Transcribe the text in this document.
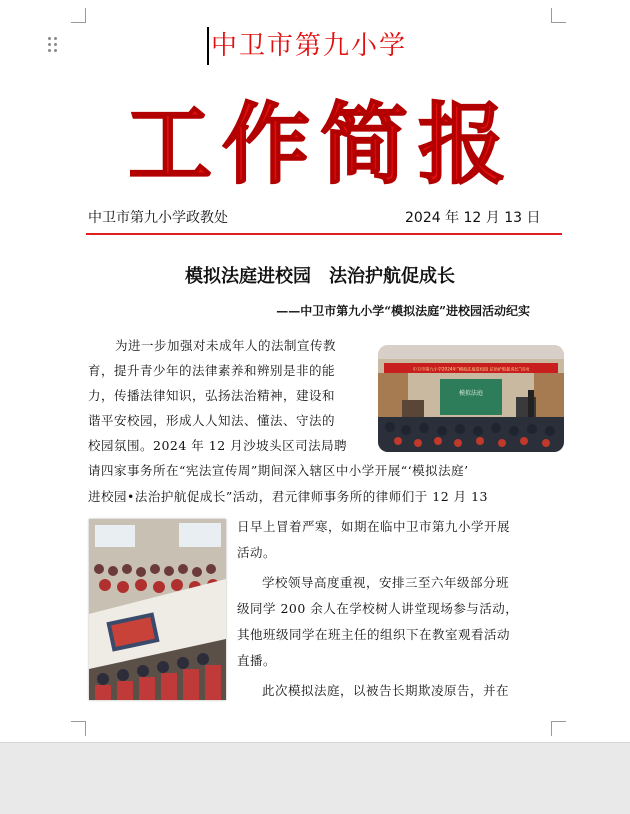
中卫市第九小学
工作简报
中卫市第九小学政教处	2024 年 12 月 13 日
模拟法庭进校园　法治护航促成长
——中卫市第九小学“模拟法庭”进校园活动纪实
中卫市第九小学2024年“模拟法庭进校园 法治护航促成长”活动
模拟法庭
为进一步加强对未成年人的法制宣传教
育，提升青少年的法律素养和辨别是非的能
力，传播法律知识，弘扬法治精神，建设和
谐平安校园，形成人人知法、懂法、守法的
校园氛围。2024 年 12 月沙坡头区司法局聘
请四家事务所在“宪法宣传周”期间深入辖区中小学开展“‘模拟法庭’
进校园•法治护航促成长”活动，君元律师事务所的律师们于 12 月 13
日早上冒着严寒，如期在临中卫市第九小学开展
活动。
学校领导高度重视，安排三至六年级部分班
级同学 200 余人在学校树人讲堂现场参与活动，
其他班级同学在班主任的组织下在教室观看活动
直播。
此次模拟法庭，以被告长期欺凌原告，并在
